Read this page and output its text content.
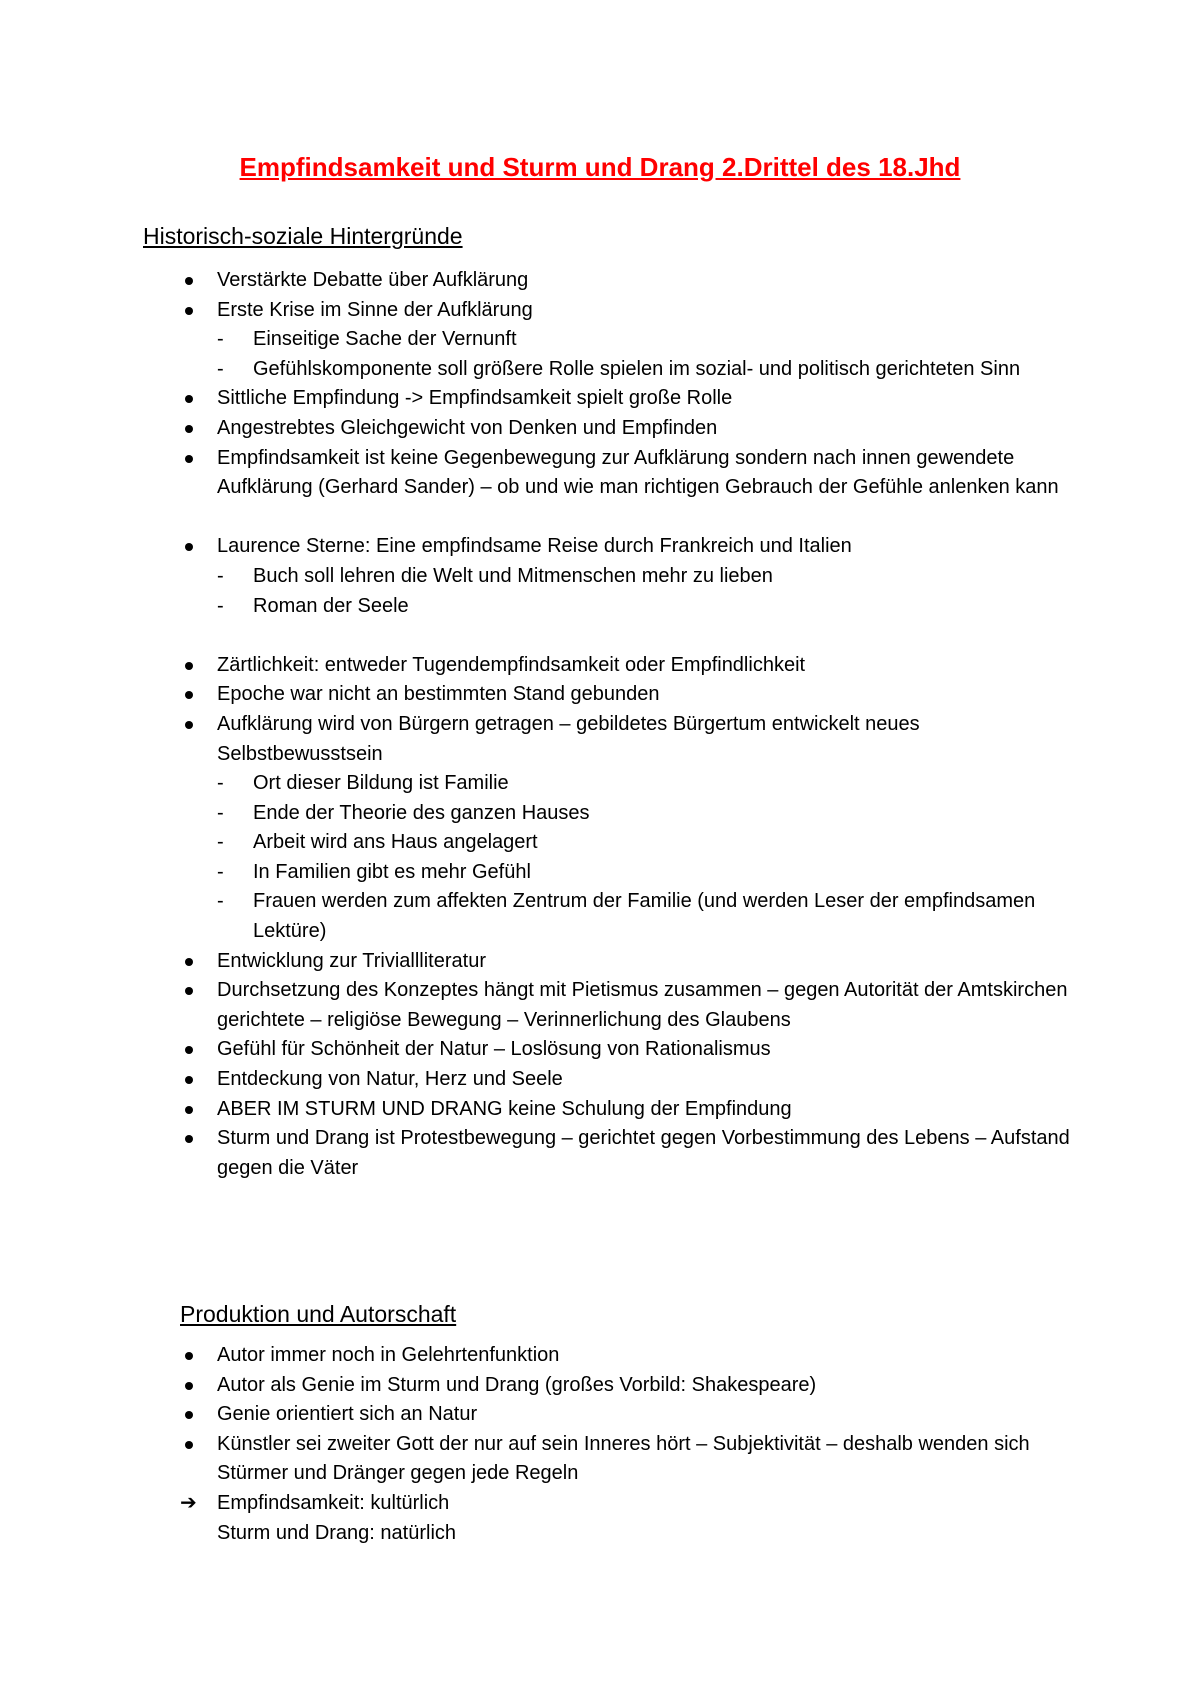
Empfindsamkeit und Sturm und Drang 2.Drittel des 18.Jhd
Historisch-soziale Hintergründe
Verstärkte Debatte über Aufklärung
Erste Krise im Sinne der Aufklärung
- Einseitige Sache der Vernunft
- Gefühlskomponente soll größere Rolle spielen im sozial- und politisch gerichteten Sinn
Sittliche Empfindung -> Empfindsamkeit spielt große Rolle
Angestrebtes Gleichgewicht von Denken und Empfinden
Empfindsamkeit ist keine Gegenbewegung zur Aufklärung sondern nach innen gewendete Aufklärung (Gerhard Sander) – ob und wie man richtigen Gebrauch der Gefühle anlenken kann
Laurence Sterne: Eine empfindsame Reise durch Frankreich und Italien
- Buch soll lehren die Welt und Mitmenschen mehr zu lieben
- Roman der Seele
Zärtlichkeit: entweder Tugendempfindsamkeit oder Empfindlichkeit
Epoche war nicht an bestimmten Stand gebunden
Aufklärung wird von Bürgern getragen – gebildetes Bürgertum entwickelt neues Selbstbewusstsein
- Ort dieser Bildung ist Familie
- Ende der Theorie des ganzen Hauses
- Arbeit wird ans Haus angelagert
- In Familien gibt es mehr Gefühl
- Frauen werden zum affekten Zentrum der Familie (und werden Leser der empfindsamen Lektüre)
Entwicklung zur Triviallliteratur
Durchsetzung des Konzeptes hängt mit Pietismus zusammen – gegen Autorität der Amtskirchen gerichtete – religiöse Bewegung – Verinnerlichung des Glaubens
Gefühl für Schönheit der Natur – Loslösung von Rationalismus
Entdeckung von Natur, Herz und Seele
ABER IM STURM UND DRANG keine Schulung der Empfindung
Sturm und Drang ist Protestbewegung – gerichtet gegen Vorbestimmung des Lebens – Aufstand gegen die Väter
Produktion und Autorschaft
Autor immer noch in Gelehrtenfunktion
Autor als Genie im Sturm und Drang (großes Vorbild: Shakespeare)
Genie orientiert sich an Natur
Künstler sei zweiter Gott der nur auf sein Inneres hört – Subjektivität – deshalb wenden sich Stürmer und Dränger gegen jede Regeln
➔ Empfindsamkeit: kultürlich
Sturm und Drang: natürlich
